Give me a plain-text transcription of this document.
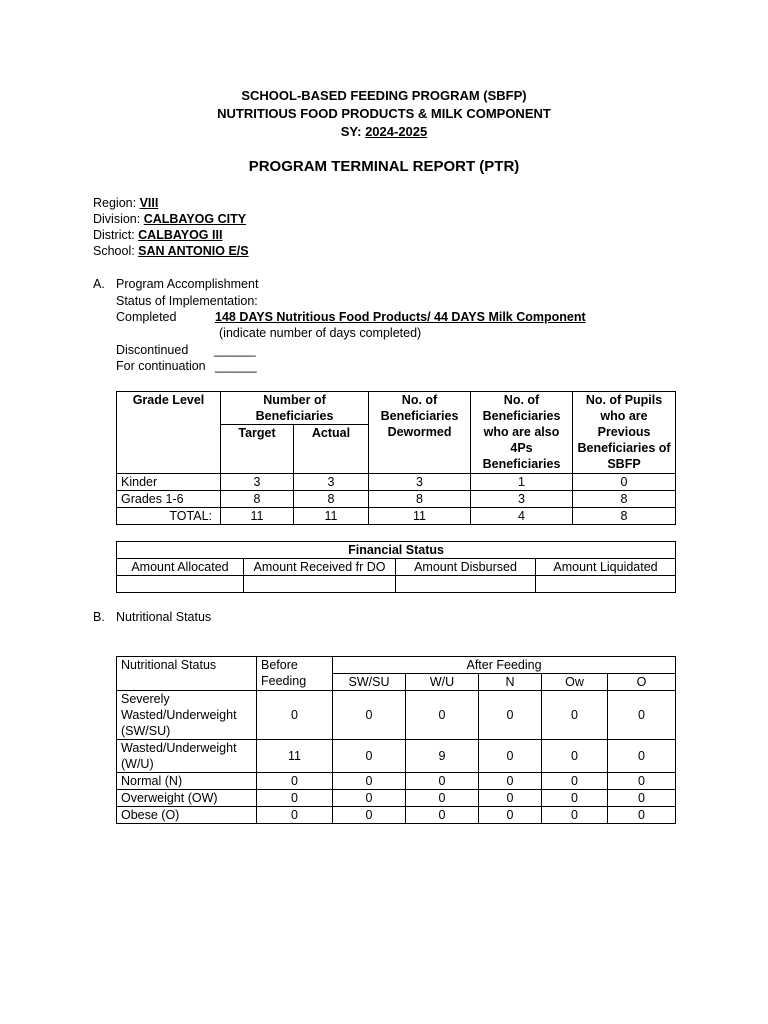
SCHOOL-BASED FEEDING PROGRAM (SBFP)
NUTRITIOUS FOOD PRODUCTS & MILK COMPONENT
SY: 2024-2025
PROGRAM TERMINAL REPORT (PTR)
Region: VIII
Division: CALBAYOG CITY
District: CALBAYOG III
School: SAN ANTONIO E/S
A. Program Accomplishment
Status of Implementation:
Completed	148 DAYS Nutritious Food Products/ 44 DAYS Milk Component
(indicate number of days completed)
Discontinued ______
For continuation ______
Grade Level	Number of Beneficiaries		No. of Beneficiaries Dewormed	No. of Beneficiaries who are also 4Ps Beneficiaries	No. of Pupils who are Previous Beneficiaries of SBFP
	Target	Actual			
Kinder	3	3	3	1	0
Grades 1-6	8	8	8	3	8
TOTAL:	11	11	11	4	8
Financial Status			
Amount Allocated	Amount Received fr DO	Amount Disbursed	Amount Liquidated

B. Nutritional Status
Nutritional Status	Before Feeding	After Feeding				
		SW/SU	W/U	N	Ow	O
Severely Wasted/Underweight (SW/SU)	0	0	0	0	0	0
Wasted/Underweight (W/U)	11	0	9	0	0	0
Normal (N)	0	0	0	0	0	0
Overweight (OW)	0	0	0	0	0	0
Obese (O)	0	0	0	0	0	0
